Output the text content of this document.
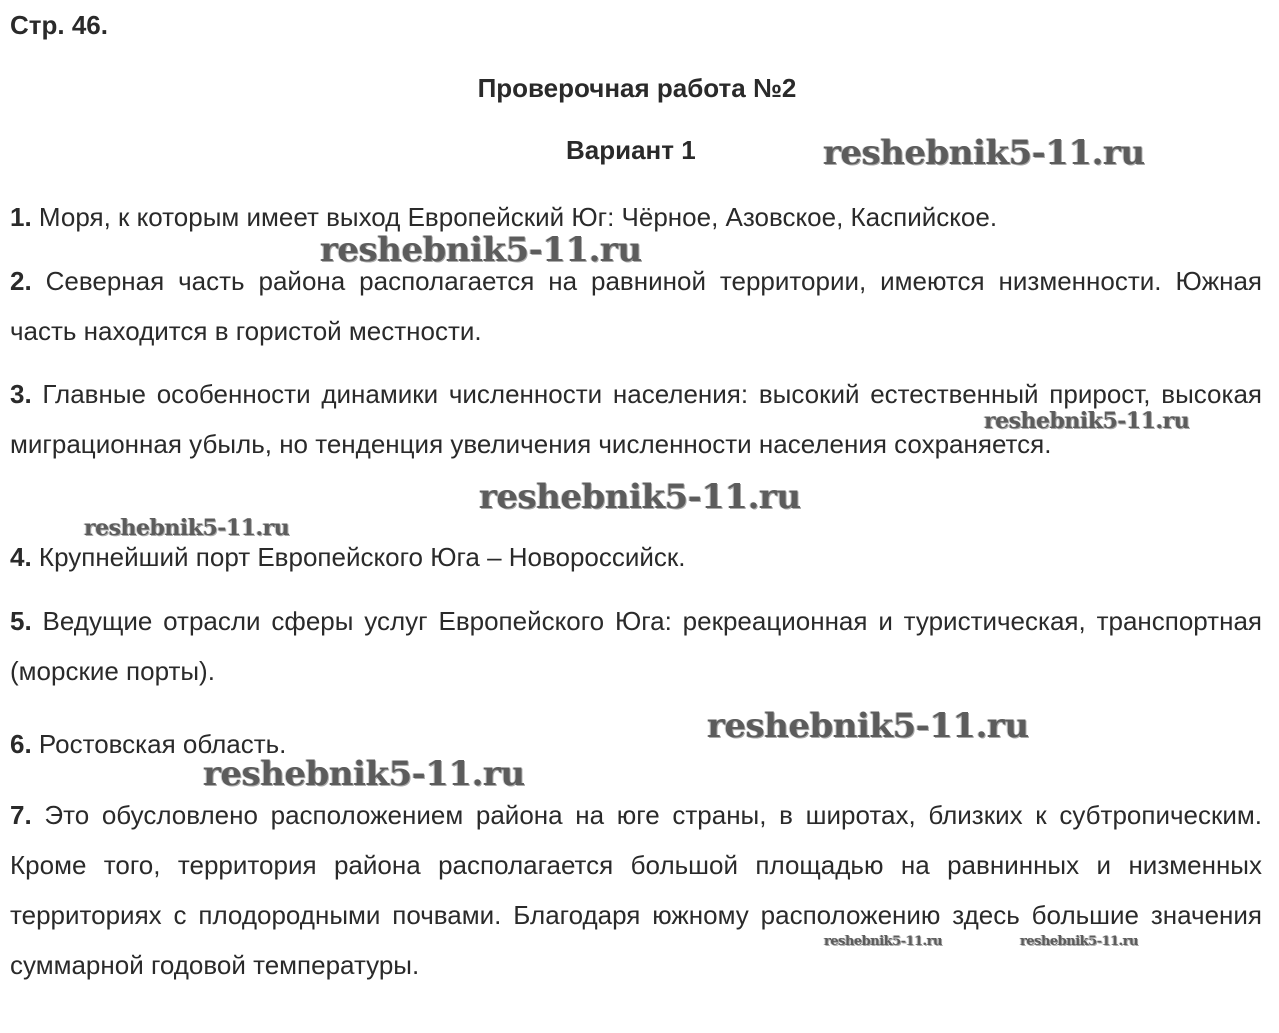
Стр. 46.
Проверочная работа №2
Вариант 1

1. Моря, к которым имеет выход Европейский Юг: Чёрное, Азовское, Каспийское.

2. Северная часть района располагается на равниной территории, имеются низменности. Южная часть находится в гористой местности.

3. Главные особенности динамики численности населения: высокий естественный прирост, высокая миграционная убыль, но тенденция увеличения численности населения сохраняется.

4. Крупнейший порт Европейского Юга – Новороссийск.

5. Ведущие отрасли сферы услуг Европейского Юга: рекреационная и туристическая, транспортная (морские порты).

6. Ростовская область.

7. Это обусловлено расположением района на юге страны, в широтах, близких к субтропическим. Кроме того, территория района располагается большой площадью на равнинных и низменных территориях с плодородными почвами. Благодаря южному расположению здесь большие значения суммарной годовой температуры.

reshebnik5-11.ru
reshebnik5-11.ru
reshebnik5-11.ru
reshebnik5-11.ru
reshebnik5-11.ru
reshebnik5-11.ru
reshebnik5-11.ru
reshebnik5-11.ru	reshebnik5-11.ru
